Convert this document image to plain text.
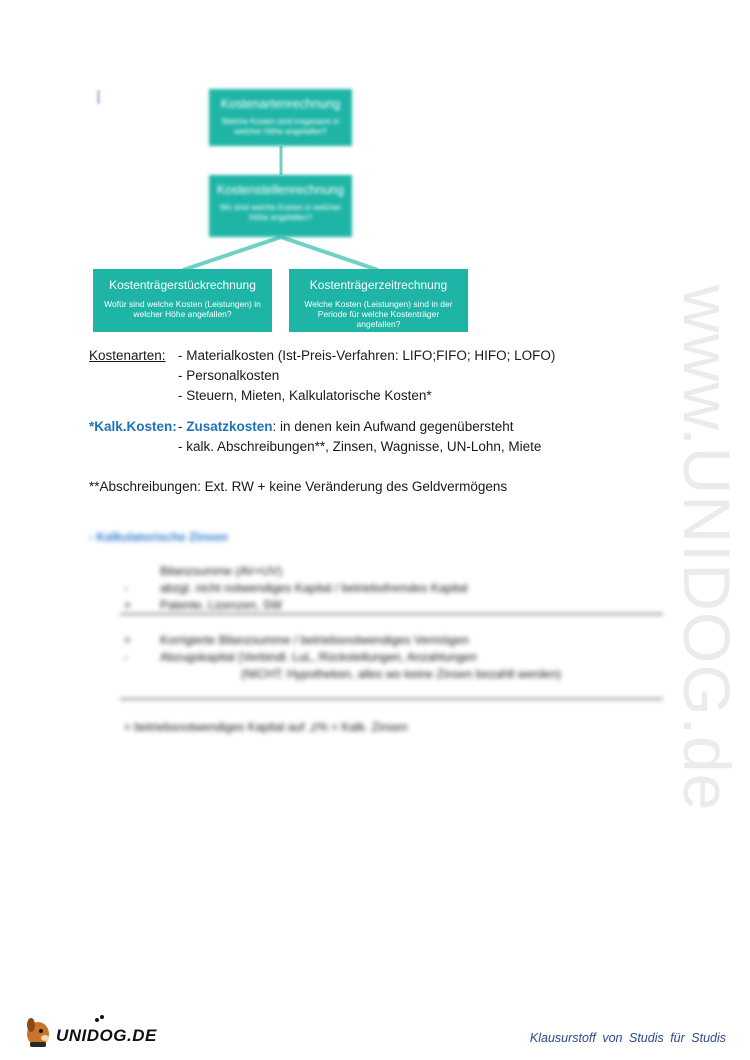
Kostenartenrechnung
Welche Kosten sind insgesamt in welcher Höhe angefallen?
Kostenstellenrechnung
Wo sind welche Kosten in welcher Höhe angefallen?
Kostenträgerstückrechnung
Wofür sind welche Kosten (Leistungen) in welcher Höhe angefallen?
Kostenträgerzeitrechnung
Welche Kosten (Leistungen) sind in der Periode für welche Kostenträger angefallen?
Kostenarten: - Materialkosten (Ist-Preis-Verfahren: LIFO;FIFO; HIFO; LOFO)
- Personalkosten
- Steuern, Mieten, Kalkulatorische Kosten*
*Kalk.Kosten: - Zusatzkosten: in denen kein Aufwand gegenübersteht
- kalk. Abschreibungen**, Zinsen, Wagnisse, UN-Lohn, Miete
**Abschreibungen: Ext. RW + keine Veränderung des Geldvermögens
- Kalkulatorische Zinsen
Bilanzsumme (AV+UV)
-	abzgl. nicht notwendiges Kapital / betriebsfremdes Kapital
+ Patente, Lizenzen, SW
= Korrigierte Bilanzsumme / betriebsnotwendiges Vermögen
-	Abzugskapital (Verbindl. LuL, Rückstellungen, Anzahlungen
(NICHT: Hypotheken, alles wo keine Zinsen bezahlt werden)
= betriebsnotwendiges Kapital auf ,z% = Kalk. Zinsen	www.UNIDOG.de
UNIDOG.DE	Klausurstoff von Studis für Studis
